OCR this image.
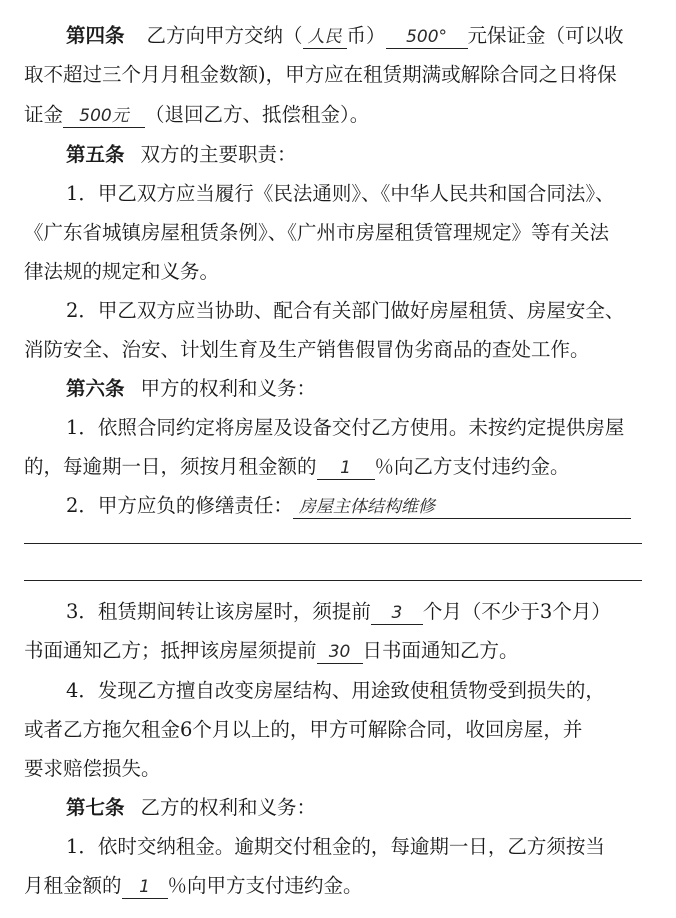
第四条 乙方向甲方交纳（ 人民 币） 500° 元保证金（可以收
取不超过三个月月租金数额)，甲方应在租赁期满或解除合同之日将保
证金 500元 （退回乙方、抵偿租金）。
第五条 双方的主要职责：
1．甲乙双方应当履行《民法通则》、《中华人民共和国合同法》、
《广东省城镇房屋租赁条例》、《广州市房屋租赁管理规定》等有关法
律法规的规定和义务。
2．甲乙双方应当协助、配合有关部门做好房屋租赁、房屋安全、
消防安全、治安、计划生育及生产销售假冒伪劣商品的查处工作。
第六条 甲方的权利和义务：
1．依照合同约定将房屋及设备交付乙方使用。未按约定提供房屋
的，每逾期一日，须按月租金额的 1 ％向乙方支付违约金。
2．甲方应负的修缮责任： 房屋主体结构维修
3．租赁期间转让该房屋时，须提前 3 个月（不少于3个月）
书面通知乙方；抵押该房屋须提前 30 日书面通知乙方。
4．发现乙方擅自改变房屋结构、用途致使租赁物受到损失的，
或者乙方拖欠租金6个月以上的，甲方可解除合同，收回房屋，并
要求赔偿损失。
第七条 乙方的权利和义务：
1．依时交纳租金。逾期交付租金的，每逾期一日，乙方须按当
月租金额的 1 ％向甲方支付违约金。
